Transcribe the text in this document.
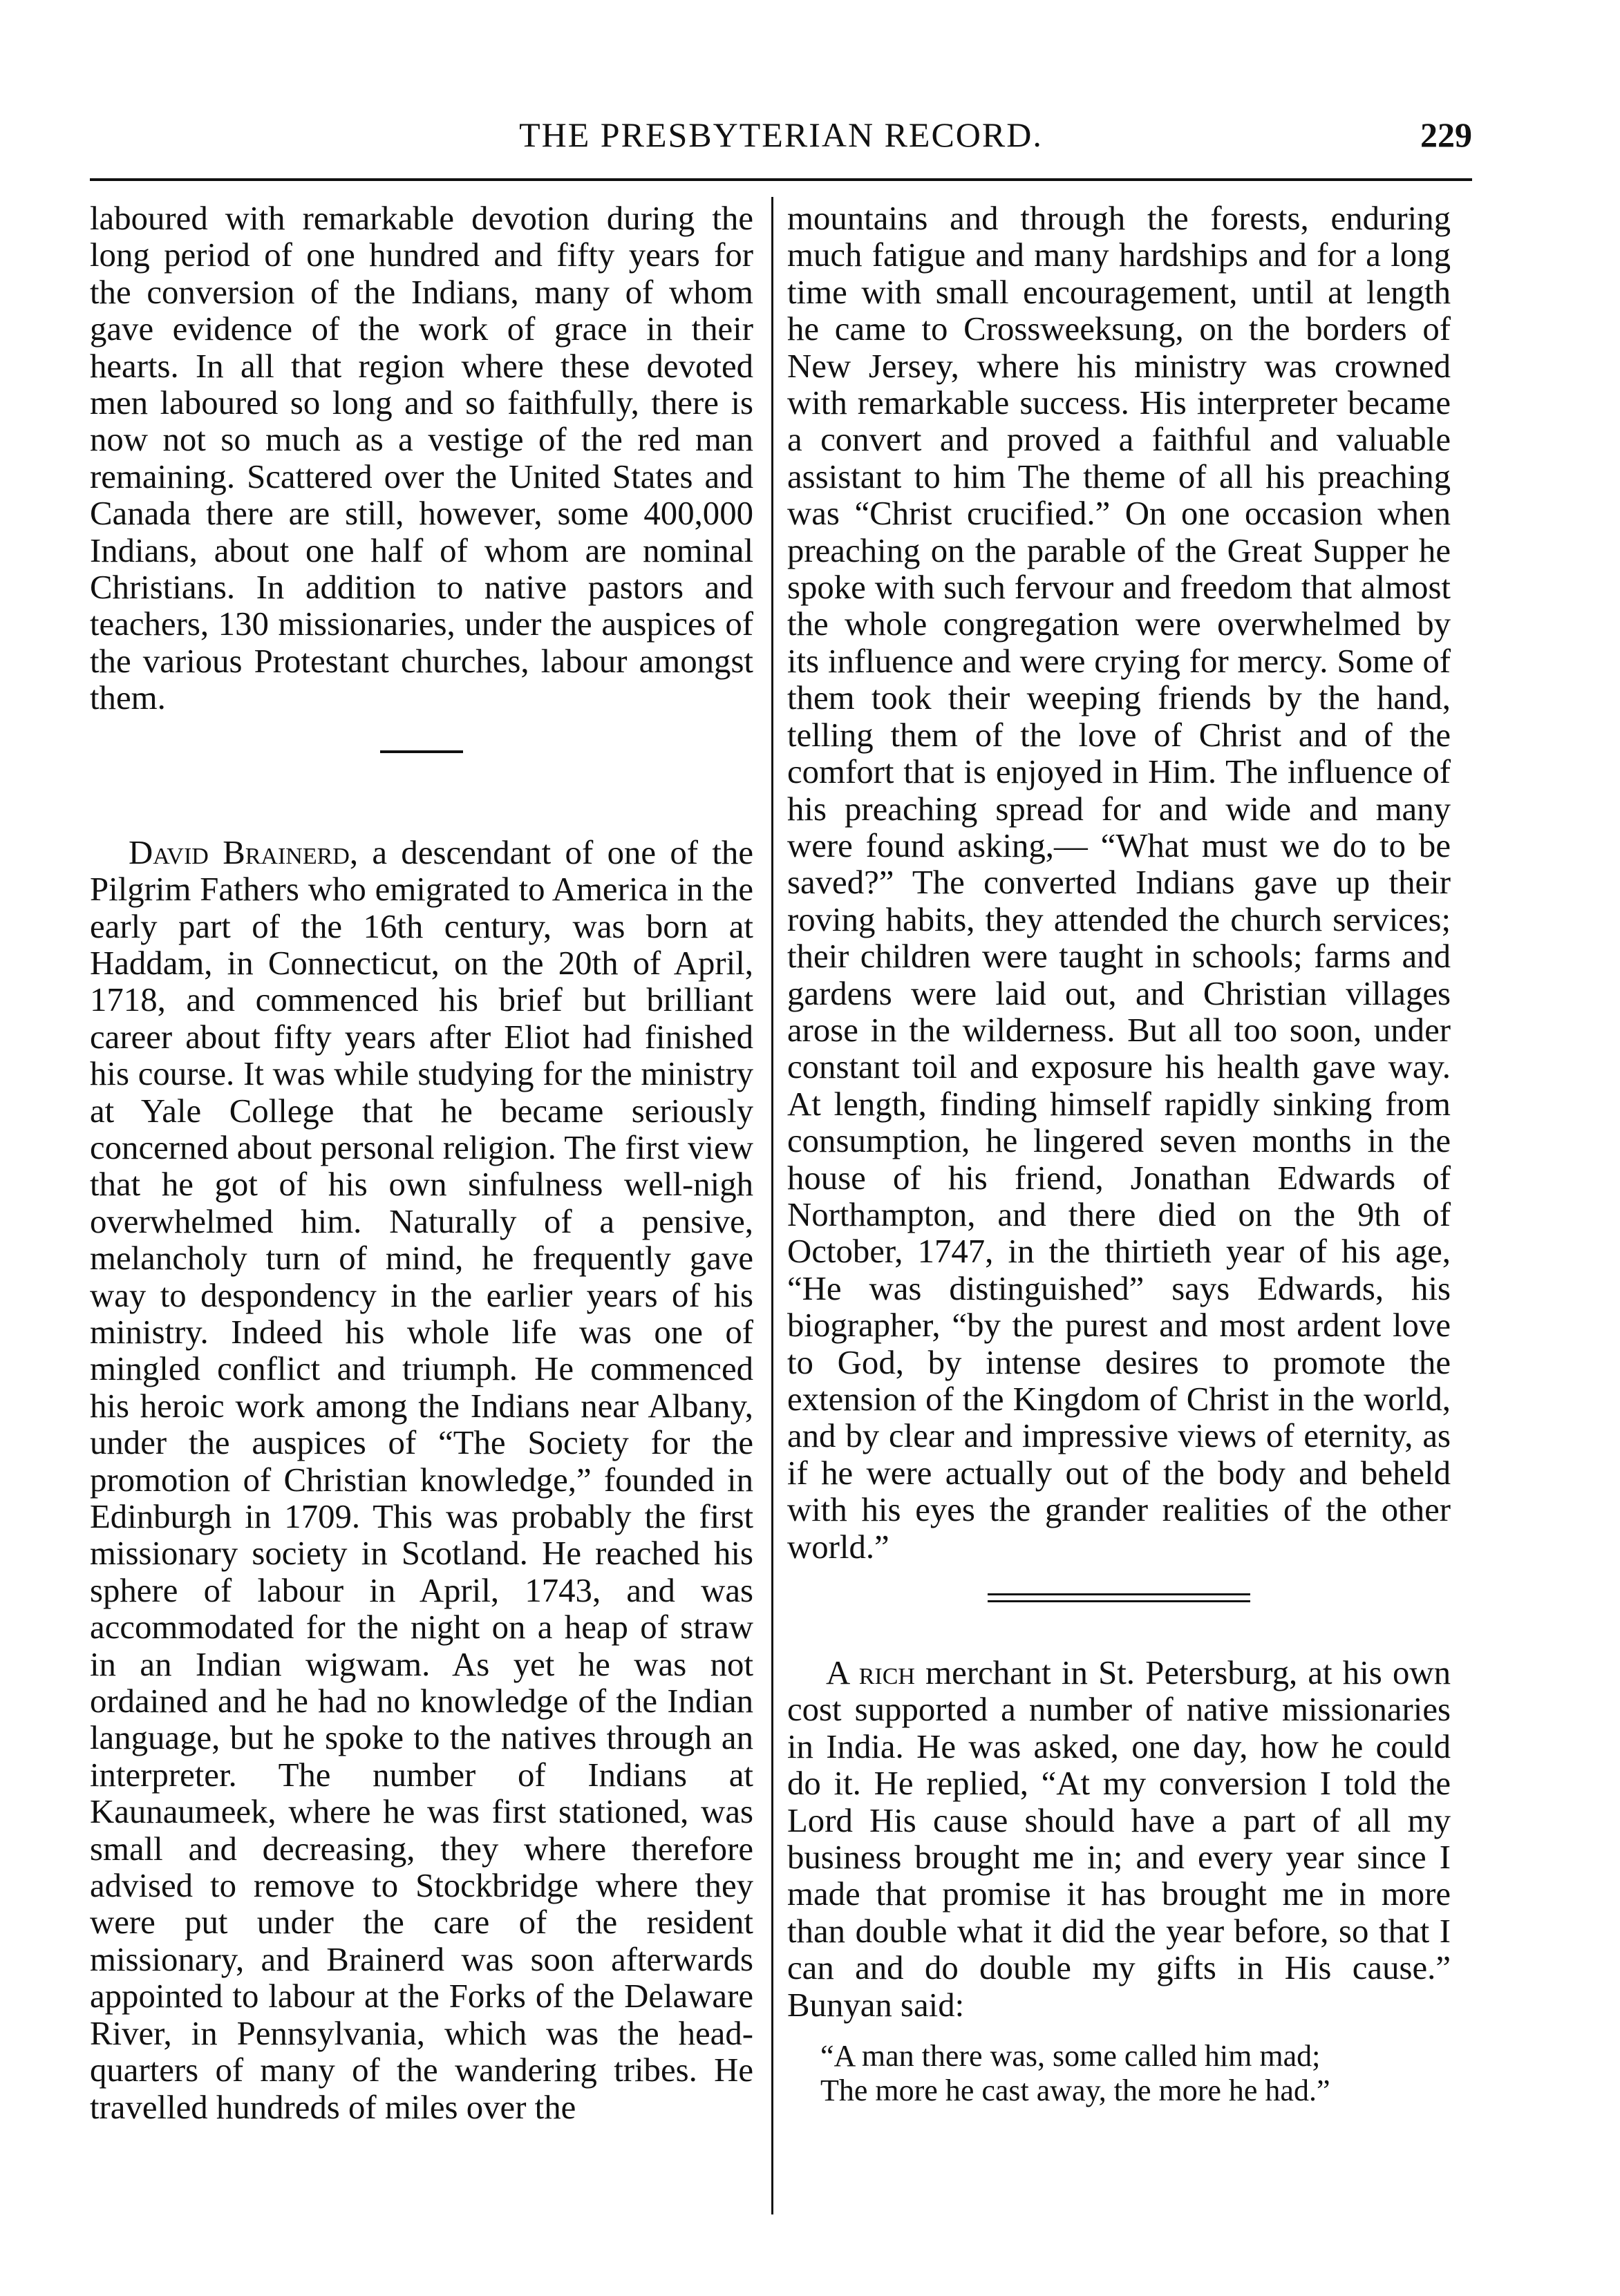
THE PRESBYTERIAN RECORD.	229

laboured with remarkable devotion during the long period of one hundred and fifty years for the conversion of the Indians, many of whom gave evidence of the work of grace in their hearts. In all that region where these devoted men laboured so long and so faithfully, there is now not so much as a vestige of the red man remaining. Scattered over the United States and Canada there are still, however, some 400,000 Indians, about one half of whom are nominal Christians. In addition to native pastors and teachers, 130 missionaries, under the auspices of the various Protestant churches, labour amongst them.

David Brainerd, a descendant of one of the Pilgrim Fathers who emigrated to America in the early part of the 16th century, was born at Haddam, in Connecticut, on the 20th of April, 1718, and commenced his brief but brilliant career about fifty years after Eliot had finished his course. It was while studying for the ministry at Yale College that he became seriously concerned about personal religion. The first view that he got of his own sinfulness well-nigh overwhelmed him. Naturally of a pensive, melancholy turn of mind, he frequently gave way to despondency in the earlier years of his ministry. Indeed his whole life was one of mingled conflict and triumph. He commenced his heroic work among the Indians near Albany, under the auspices of “The Society for the promotion of Christian knowledge,” founded in Edinburgh in 1709. This was probably the first missionary society in Scotland. He reached his sphere of labour in April, 1743, and was accommodated for the night on a heap of straw in an Indian wigwam. As yet he was not ordained and he had no knowledge of the Indian language, but he spoke to the natives through an interpreter. The number of Indians at Kaunaumeek, where he was first stationed, was small and decreasing, they where therefore advised to remove to Stockbridge where they were put under the care of the resident missionary, and Brainerd was soon afterwards appointed to labour at the Forks of the Delaware River, in Pennsylvania, which was the head-quarters of many of the wandering tribes. He travelled hundreds of miles over the

mountains and through the forests, enduring much fatigue and many hardships and for a long time with small encouragement, until at length he came to Crossweeksung, on the borders of New Jersey, where his ministry was crowned with remarkable success. His interpreter became a convert and proved a faithful and valuable assistant to him The theme of all his preaching was “Christ crucified.” On one occasion when preaching on the parable of the Great Supper he spoke with such fervour and freedom that almost the whole congregation were overwhelmed by its influence and were crying for mercy. Some of them took their weeping friends by the hand, telling them of the love of Christ and of the comfort that is enjoyed in Him. The influence of his preaching spread for and wide and many were found asking,— “What must we do to be saved?” The converted Indians gave up their roving habits, they attended the church services; their children were taught in schools; farms and gardens were laid out, and Christian villages arose in the wilderness. But all too soon, under constant toil and exposure his health gave way. At length, finding himself rapidly sinking from consumption, he lingered seven months in the house of his friend, Jonathan Edwards of Northampton, and there died on the 9th of October, 1747, in the thirtieth year of his age, “He was distinguished” says Edwards, his biographer, “by the purest and most ardent love to God, by intense desires to promote the extension of the Kingdom of Christ in the world, and by clear and impressive views of eternity, as if he were actually out of the body and beheld with his eyes the grander realities of the other world.”

A rich merchant in St. Petersburg, at his own cost supported a number of native missionaries in India. He was asked, one day, how he could do it. He replied, “At my conversion I told the Lord His cause should have a part of all my business brought me in; and every year since I made that promise it has brought me in more than double what it did the year before, so that I can and do double my gifts in His cause.” Bunyan said:

“A man there was, some called him mad;
The more he cast away, the more he had.”
